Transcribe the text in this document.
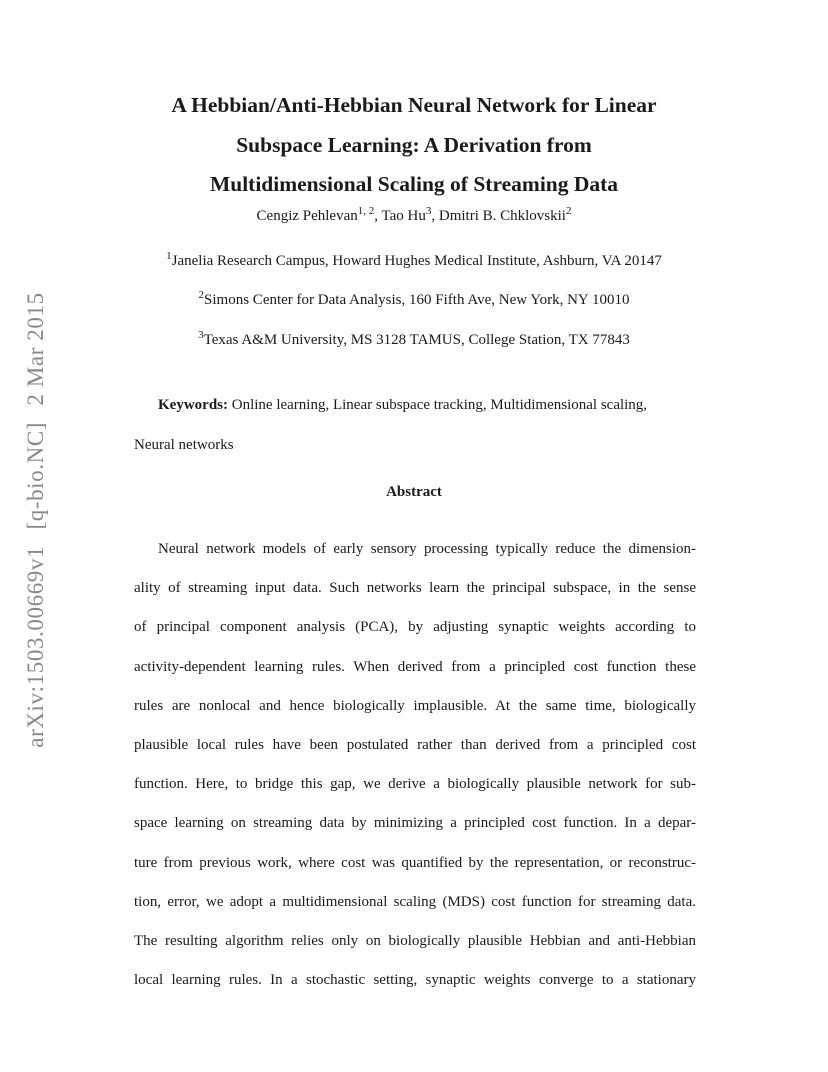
arXiv:1503.00669v1 [q-bio.NC] 2 Mar 2015
A Hebbian/Anti-Hebbian Neural Network for Linear
Subspace Learning: A Derivation from
Multidimensional Scaling of Streaming Data
Cengiz Pehlevan$^{1, 2}$, Tao Hu$^3$, Dmitri B. Chklovskii$^2$
$^1$Janelia Research Campus, Howard Hughes Medical Institute, Ashburn, VA 20147
$^2$Simons Center for Data Analysis, 160 Fifth Ave, New York, NY 10010
$^3$Texas A&M University, MS 3128 TAMUS, College Station, TX 77843
Keywords: Online learning, Linear subspace tracking, Multidimensional scaling,
Neural networks
Abstract
Neural network models of early sensory processing typically reduce the dimension-
ality of streaming input data. Such networks learn the principal subspace, in the sense
of principal component analysis (PCA), by adjusting synaptic weights according to
activity-dependent learning rules. When derived from a principled cost function these
rules are nonlocal and hence biologically implausible. At the same time, biologically
plausible local rules have been postulated rather than derived from a principled cost
function. Here, to bridge this gap, we derive a biologically plausible network for sub-
space learning on streaming data by minimizing a principled cost function. In a depar-
ture from previous work, where cost was quantified by the representation, or reconstruc-
tion, error, we adopt a multidimensional scaling (MDS) cost function for streaming data.
The resulting algorithm relies only on biologically plausible Hebbian and anti-Hebbian
local learning rules. In a stochastic setting, synaptic weights converge to a stationary
